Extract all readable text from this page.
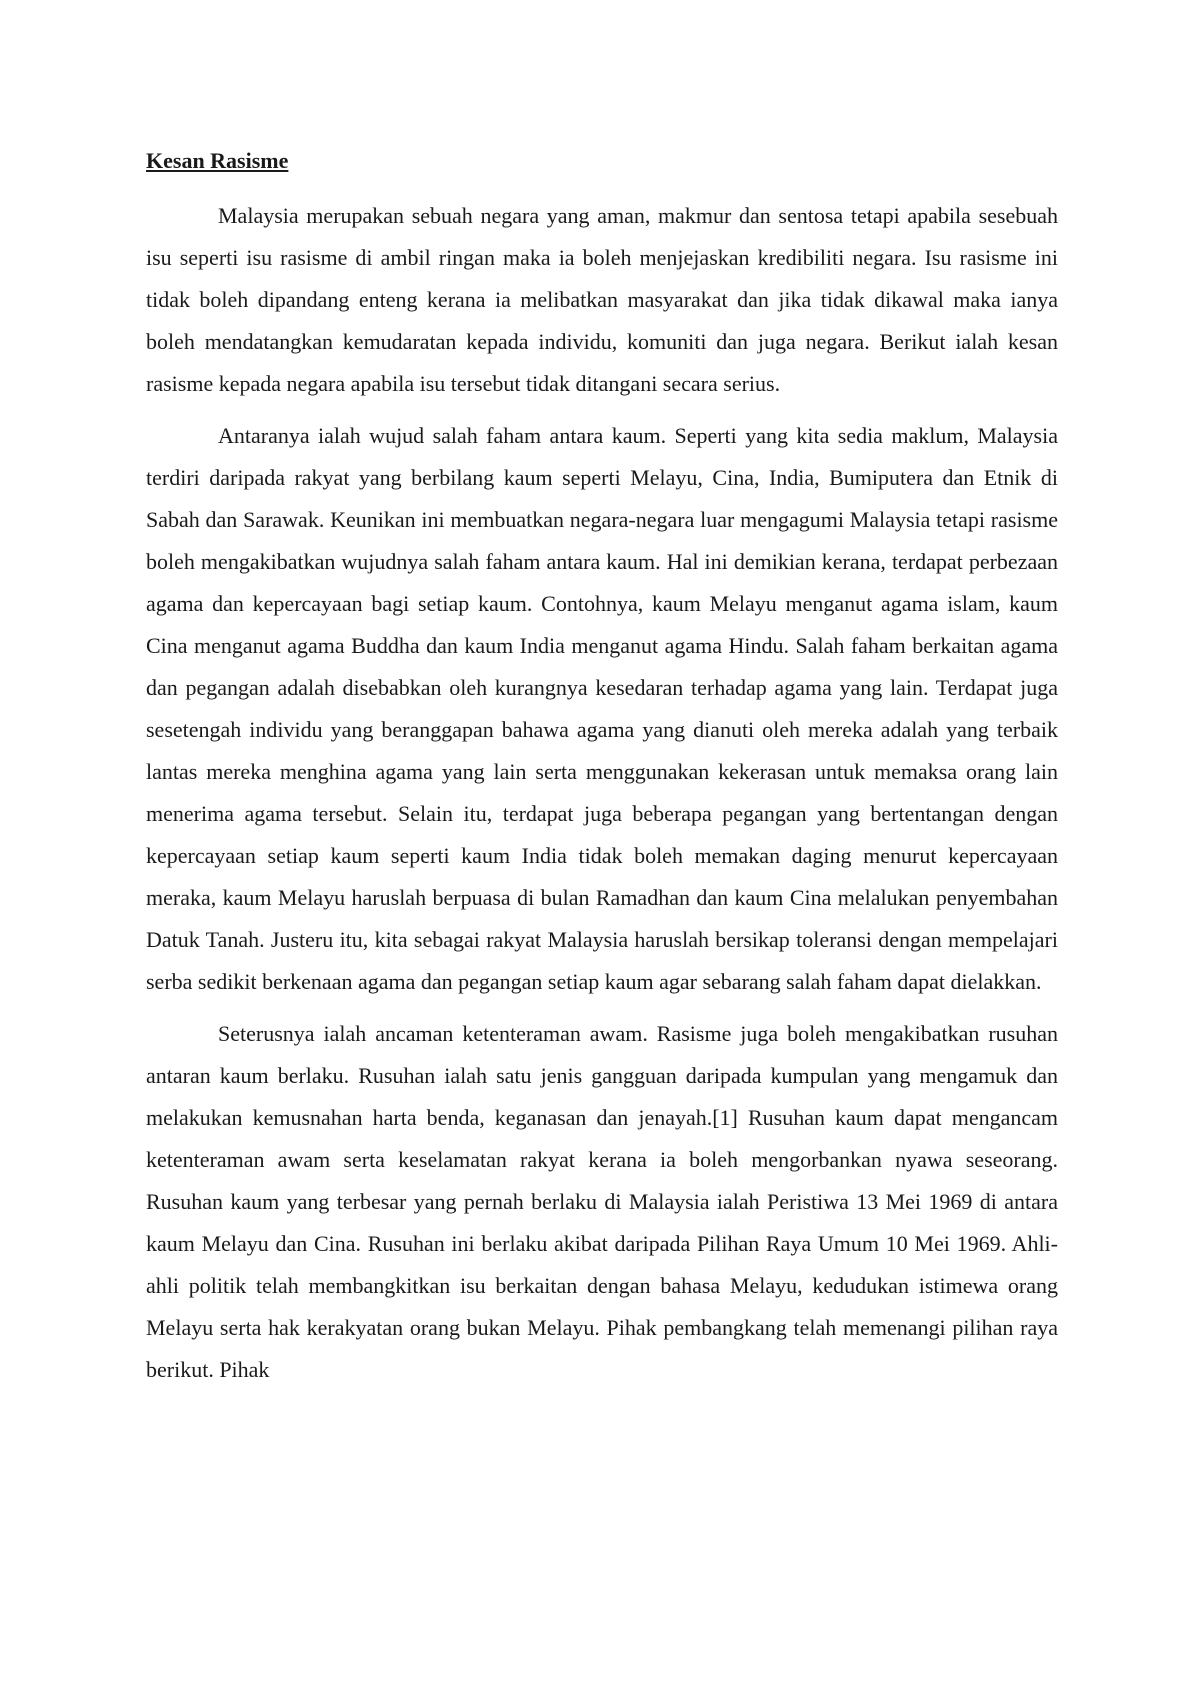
Kesan Rasisme

Malaysia merupakan sebuah negara yang aman, makmur dan sentosa tetapi apabila sesebuah isu seperti isu rasisme di ambil ringan maka ia boleh menjejaskan kredibiliti negara. Isu rasisme ini tidak boleh dipandang enteng kerana ia melibatkan masyarakat dan jika tidak dikawal maka ianya boleh mendatangkan kemudaratan kepada individu, komuniti dan juga negara. Berikut ialah kesan rasisme kepada negara apabila isu tersebut tidak ditangani secara serius.

Antaranya ialah wujud salah faham antara kaum. Seperti yang kita sedia maklum, Malaysia terdiri daripada rakyat yang berbilang kaum seperti Melayu, Cina, India, Bumiputera dan Etnik di Sabah dan Sarawak. Keunikan ini membuatkan negara-negara luar mengagumi Malaysia tetapi rasisme boleh mengakibatkan wujudnya salah faham antara kaum. Hal ini demikian kerana, terdapat perbezaan agama dan kepercayaan bagi setiap kaum. Contohnya, kaum Melayu menganut agama islam, kaum Cina menganut agama Buddha dan kaum India menganut agama Hindu. Salah faham berkaitan agama dan pegangan adalah disebabkan oleh kurangnya kesedaran terhadap agama yang lain. Terdapat juga sesetengah individu yang beranggapan bahawa agama yang dianuti oleh mereka adalah yang terbaik lantas mereka menghina agama yang lain serta menggunakan kekerasan untuk memaksa orang lain menerima agama tersebut. Selain itu, terdapat juga beberapa pegangan yang bertentangan dengan kepercayaan setiap kaum seperti kaum India tidak boleh memakan daging menurut kepercayaan meraka, kaum Melayu haruslah berpuasa di bulan Ramadhan dan kaum Cina melalukan penyembahan Datuk Tanah. Justeru itu, kita sebagai rakyat Malaysia haruslah bersikap toleransi dengan mempelajari serba sedikit berkenaan agama dan pegangan setiap kaum agar sebarang salah faham dapat dielakkan.

Seterusnya ialah ancaman ketenteraman awam. Rasisme juga boleh mengakibatkan rusuhan antaran kaum berlaku. Rusuhan ialah satu jenis gangguan daripada kumpulan yang mengamuk dan melakukan kemusnahan harta benda, keganasan dan jenayah.[1] Rusuhan kaum dapat mengancam ketenteraman awam serta keselamatan rakyat kerana ia boleh mengorbankan nyawa seseorang. Rusuhan kaum yang terbesar yang pernah berlaku di Malaysia ialah Peristiwa 13 Mei 1969 di antara kaum Melayu dan Cina. Rusuhan ini berlaku akibat daripada Pilihan Raya Umum 10 Mei 1969. Ahli-ahli politik telah membangkitkan isu berkaitan dengan bahasa Melayu, kedudukan istimewa orang Melayu serta hak kerakyatan orang bukan Melayu. Pihak pembangkang telah memenangi pilihan raya berikut. Pihak
